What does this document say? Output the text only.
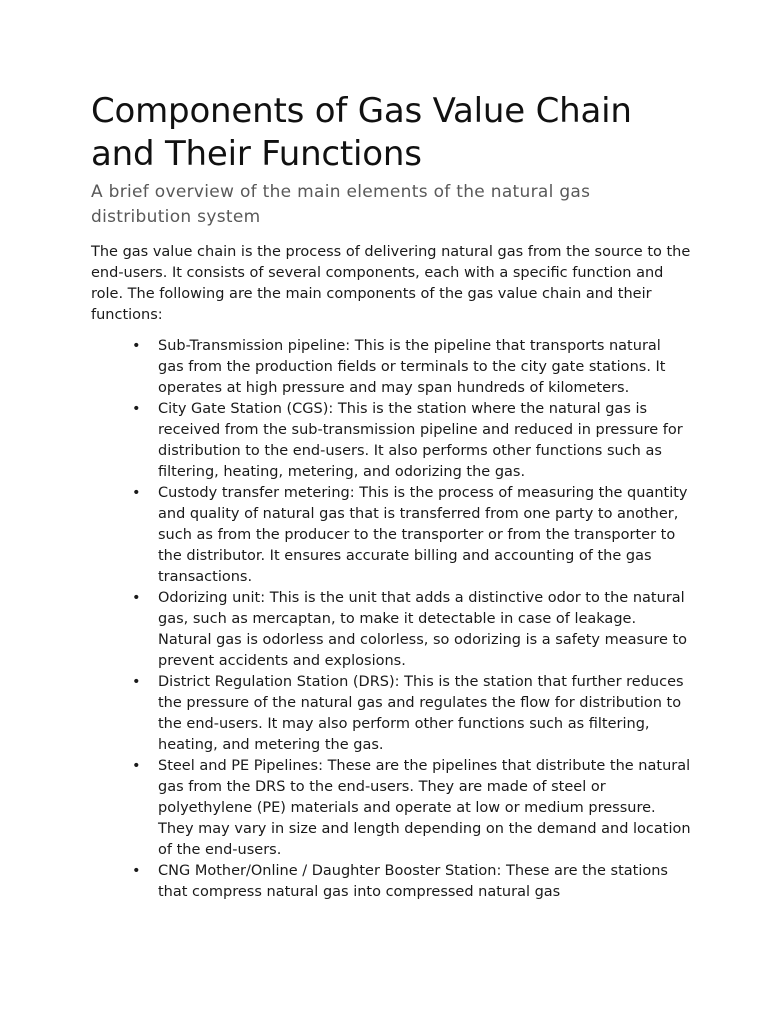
Components of Gas Value Chain and Their Functions
A brief overview of the main elements of the natural gas distribution system

The gas value chain is the process of delivering natural gas from the source to the end-users. It consists of several components, each with a specific function and role. The following are the main components of the gas value chain and their functions:

• Sub-Transmission pipeline: This is the pipeline that transports natural gas from the production fields or terminals to the city gate stations. It operates at high pressure and may span hundreds of kilometers.
• City Gate Station (CGS): This is the station where the natural gas is received from the sub-transmission pipeline and reduced in pressure for distribution to the end-users. It also performs other functions such as filtering, heating, metering, and odorizing the gas.
• Custody transfer metering: This is the process of measuring the quantity and quality of natural gas that is transferred from one party to another, such as from the producer to the transporter or from the transporter to the distributor. It ensures accurate billing and accounting of the gas transactions.
• Odorizing unit: This is the unit that adds a distinctive odor to the natural gas, such as mercaptan, to make it detectable in case of leakage. Natural gas is odorless and colorless, so odorizing is a safety measure to prevent accidents and explosions.
• District Regulation Station (DRS): This is the station that further reduces the pressure of the natural gas and regulates the flow for distribution to the end-users. It may also perform other functions such as filtering, heating, and metering the gas.
• Steel and PE Pipelines: These are the pipelines that distribute the natural gas from the DRS to the end-users. They are made of steel or polyethylene (PE) materials and operate at low or medium pressure. They may vary in size and length depending on the demand and location of the end-users.
• CNG Mother/Online / Daughter Booster Station: These are the stations that compress natural gas into compressed natural gas
